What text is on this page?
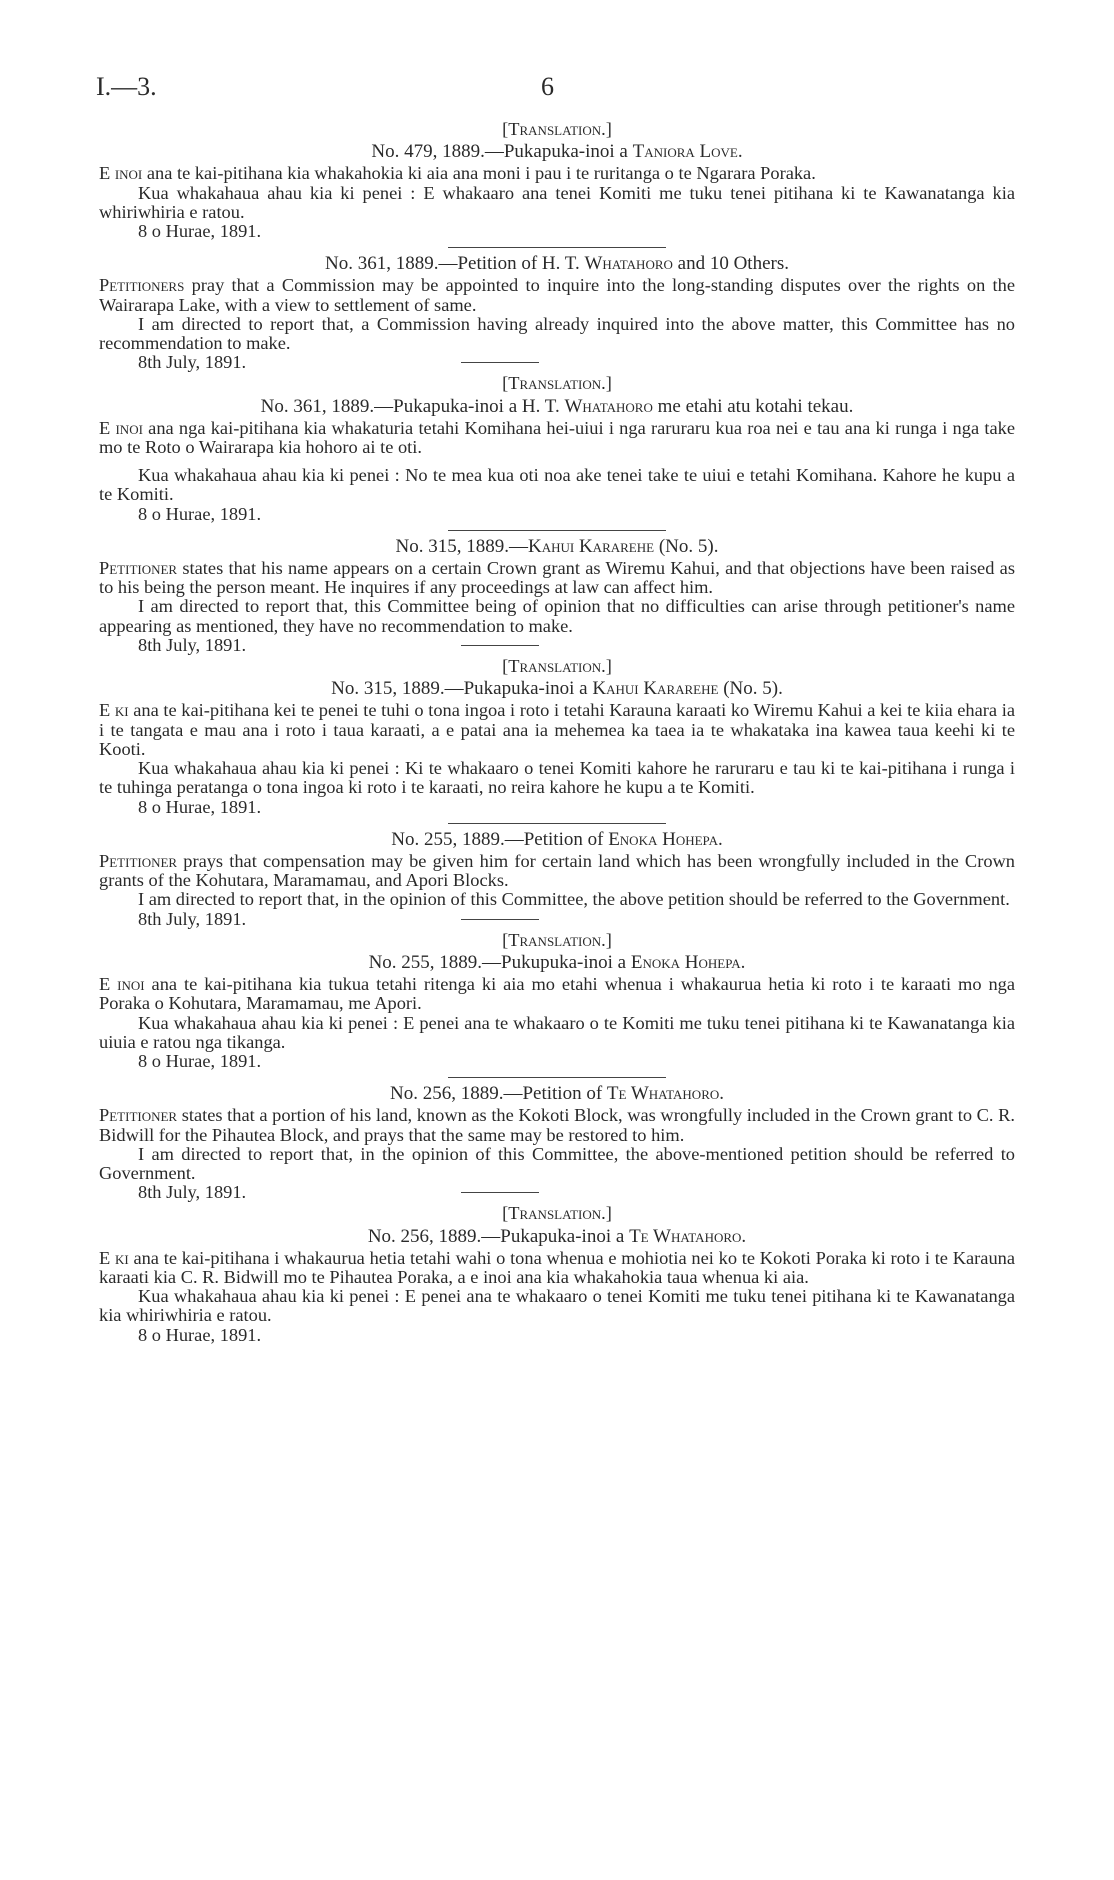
I.—3.	6

[Translation.]

No. 479, 1889.—Pukapuka-inoi a Taniora Love.

E inoi ana te kai-pitihana kia whakahokia ki aia ana moni i pau i te ruritanga o te Ngarara Poraka.

Kua whakahaua ahau kia ki penei : E whakaaro ana tenei Komiti me tuku tenei pitihana ki te Kawanatanga kia whiriwhiria e ratou.

8 o Hurae, 1891.

No. 361, 1889.—Petition of H. T. Whatahoro and 10 Others.

Petitioners pray that a Commission may be appointed to inquire into the long-standing disputes over the rights on the Wairarapa Lake, with a view to settlement of same.

I am directed to report that, a Commission having already inquired into the above matter, this Committee has no recommendation to make.

8th July, 1891.

[Translation.]

No. 361, 1889.—Pukapuka-inoi a H. T. Whatahoro me etahi atu kotahi tekau.

E inoi ana nga kai-pitihana kia whakaturia tetahi Komihana hei-uiui i nga raruraru kua roa nei e tau ana ki runga i nga take mo te Roto o Wairarapa kia hohoro ai te oti.

Kua whakahaua ahau kia ki penei : No te mea kua oti noa ake tenei take te uiui e tetahi Komihana. Kahore he kupu a te Komiti.

8 o Hurae, 1891.

No. 315, 1889.—Kahui Kararehe (No. 5).

Petitioner states that his name appears on a certain Crown grant as Wiremu Kahui, and that objections have been raised as to his being the person meant. He inquires if any proceedings at law can affect him.

I am directed to report that, this Committee being of opinion that no difficulties can arise through petitioner's name appearing as mentioned, they have no recommendation to make.

8th July, 1891.

[Translation.]

No. 315, 1889.—Pukapuka-inoi a Kahui Kararehe (No. 5).

E ki ana te kai-pitihana kei te penei te tuhi o tona ingoa i roto i tetahi Karauna karaati ko Wiremu Kahui a kei te kiia ehara ia i te tangata e mau ana i roto i taua karaati, a e patai ana ia mehemea ka taea ia te whakataka ina kawea taua keehi ki te Kooti.

Kua whakahaua ahau kia ki penei : Ki te whakaaro o tenei Komiti kahore he raruraru e tau ki te kai-pitihana i runga i te tuhinga peratanga o tona ingoa ki roto i te karaati, no reira kahore he kupu a te Komiti.

8 o Hurae, 1891.

No. 255, 1889.—Petition of Enoka Hohepa.

Petitioner prays that compensation may be given him for certain land which has been wrongfully included in the Crown grants of the Kohutara, Maramamau, and Apori Blocks.

I am directed to report that, in the opinion of this Committee, the above petition should be referred to the Government.

8th July, 1891.

[Translation.]

No. 255, 1889.—Pukupuka-inoi a Enoka Hohepa.

E inoi ana te kai-pitihana kia tukua tetahi ritenga ki aia mo etahi whenua i whakaurua hetia ki roto i te karaati mo nga Poraka o Kohutara, Maramamau, me Apori.

Kua whakahaua ahau kia ki penei : E penei ana te whakaaro o te Komiti me tuku tenei pitihana ki te Kawanatanga kia uiuia e ratou nga tikanga.

8 o Hurae, 1891.

No. 256, 1889.—Petition of Te Whatahoro.

Petitioner states that a portion of his land, known as the Kokoti Block, was wrongfully included in the Crown grant to C. R. Bidwill for the Pihautea Block, and prays that the same may be restored to him.

I am directed to report that, in the opinion of this Committee, the above-mentioned petition should be referred to Government.

8th July, 1891.

[Translation.]

No. 256, 1889.—Pukapuka-inoi a Te Whatahoro.

E ki ana te kai-pitihana i whakaurua hetia tetahi wahi o tona whenua e mohiotia nei ko te Kokoti Poraka ki roto i te Karauna karaati kia C. R. Bidwill mo te Pihautea Poraka, a e inoi ana kia whakahokia taua whenua ki aia.

Kua whakahaua ahau kia ki penei : E penei ana te whakaaro o tenei Komiti me tuku tenei pitihana ki te Kawanatanga kia whiriwhiria e ratou.

8 o Hurae, 1891.
